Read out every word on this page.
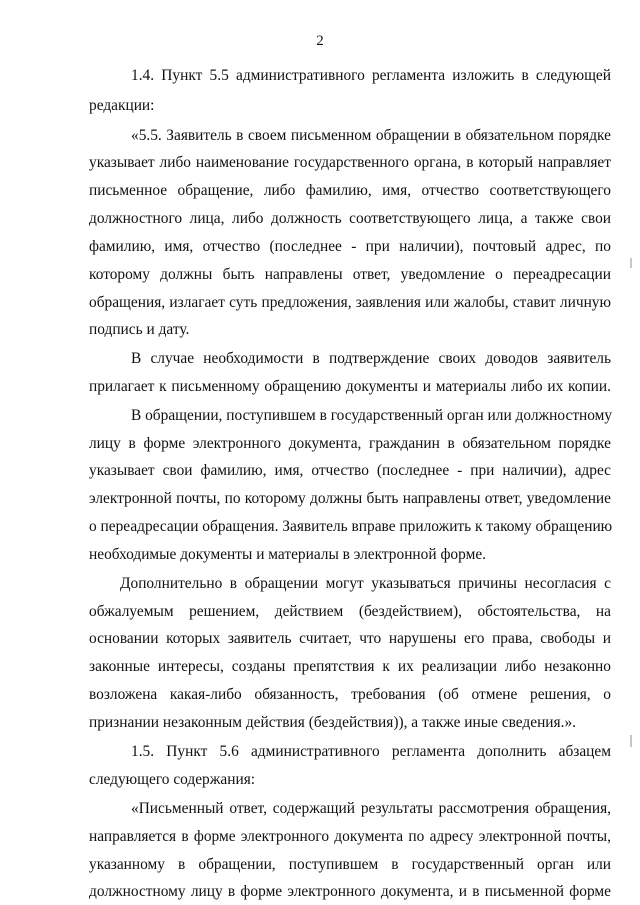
2
1.4. Пункт 5.5 административного регламента изложить в следующей
редакции:
«5.5. Заявитель в своем письменном обращении в обязательном порядке
указывает либо наименование государственного органа, в который направляет
письменное обращение, либо фамилию, имя, отчество соответствующего
должностного лица, либо должность соответствующего лица, а также свои
фамилию, имя, отчество (последнее - при наличии), почтовый адрес, по
которому должны быть направлены ответ, уведомление о переадресации
обращения, излагает суть предложения, заявления или жалобы, ставит личную
подпись и дату.
В случае необходимости в подтверждение своих доводов заявитель
прилагает к письменному обращению документы и материалы либо их копии.
В обращении, поступившем в государственный орган или должностному
лицу в форме электронного документа, гражданин в обязательном порядке
указывает свои фамилию, имя, отчество (последнее - при наличии), адрес
электронной почты, по которому должны быть направлены ответ, уведомление
о переадресации обращения. Заявитель вправе приложить к такому обращению
необходимые документы и материалы в электронной форме.
Дополнительно в обращении могут указываться причины несогласия с
обжалуемым решением, действием (бездействием), обстоятельства, на
основании которых заявитель считает, что нарушены его права, свободы и
законные интересы, созданы препятствия к их реализации либо незаконно
возложена какая-либо обязанность, требования (об отмене решения, о
признании незаконным действия (бездействия)), а также иные сведения.».
1.5. Пункт 5.6 административного регламента дополнить абзацем
следующего содержания:
«Письменный ответ, содержащий результаты рассмотрения обращения,
направляется в форме электронного документа по адресу электронной почты,
указанному в обращении, поступившем в государственный орган или
должностному лицу в форме электронного документа, и в письменной форме
